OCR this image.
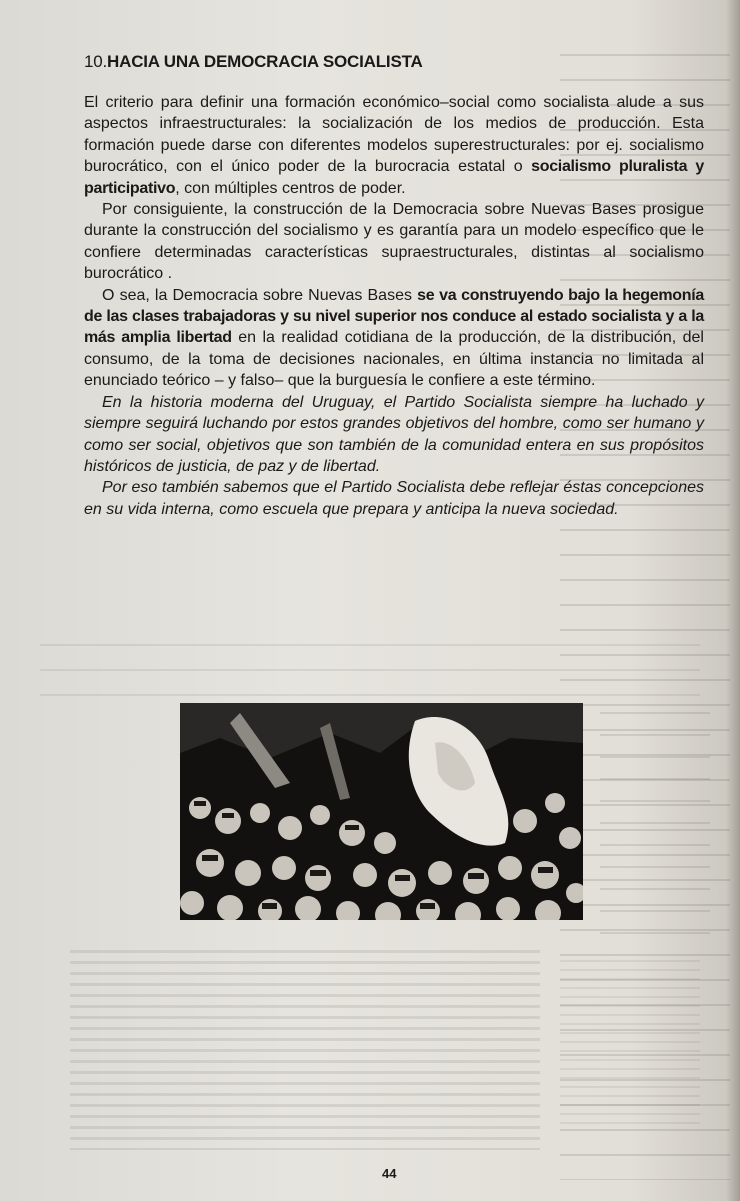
10.HACIA UNA DEMOCRACIA SOCIALISTA

El criterio para definir una formación económico–social como socialista alude a sus aspectos infraestructurales: la socialización de los medios de producción. Esta formación puede darse con diferentes modelos superestructurales: por ej. socialismo burocrático, con el único poder de la burocracia estatal o socialismo pluralista y participativo, con múltiples centros de poder.

Por consiguiente, la construcción de la Democracia sobre Nuevas Bases prosigue durante la construcción del socialismo y es garantía para un modelo específico que le confiere determinadas características supraestructurales, distintas al socialismo burocrático .

O sea, la Democracia sobre Nuevas Bases se va construyendo bajo la hegemonía de las clases trabajadoras y su nivel superior nos conduce al estado socialista y a la más amplia libertad en la realidad cotidiana de la producción, de la distribución, del consumo, de la toma de decisiones nacionales, en última instancia no limitada al enunciado teórico – y falso– que la burguesía le confiere a este término.

En la historia moderna del Uruguay, el Partido Socialista siempre ha luchado y siempre seguirá luchando por estos grandes objetivos del hombre, como ser humano y como ser social, objetivos que son también de la comunidad entera en sus propósitos históricos de justicia, de paz y de libertad.

Por eso también sabemos que el Partido Socialista debe reflejar éstas concepciones en su vida interna, como escuela que prepara y anticipa la nueva sociedad.

44
